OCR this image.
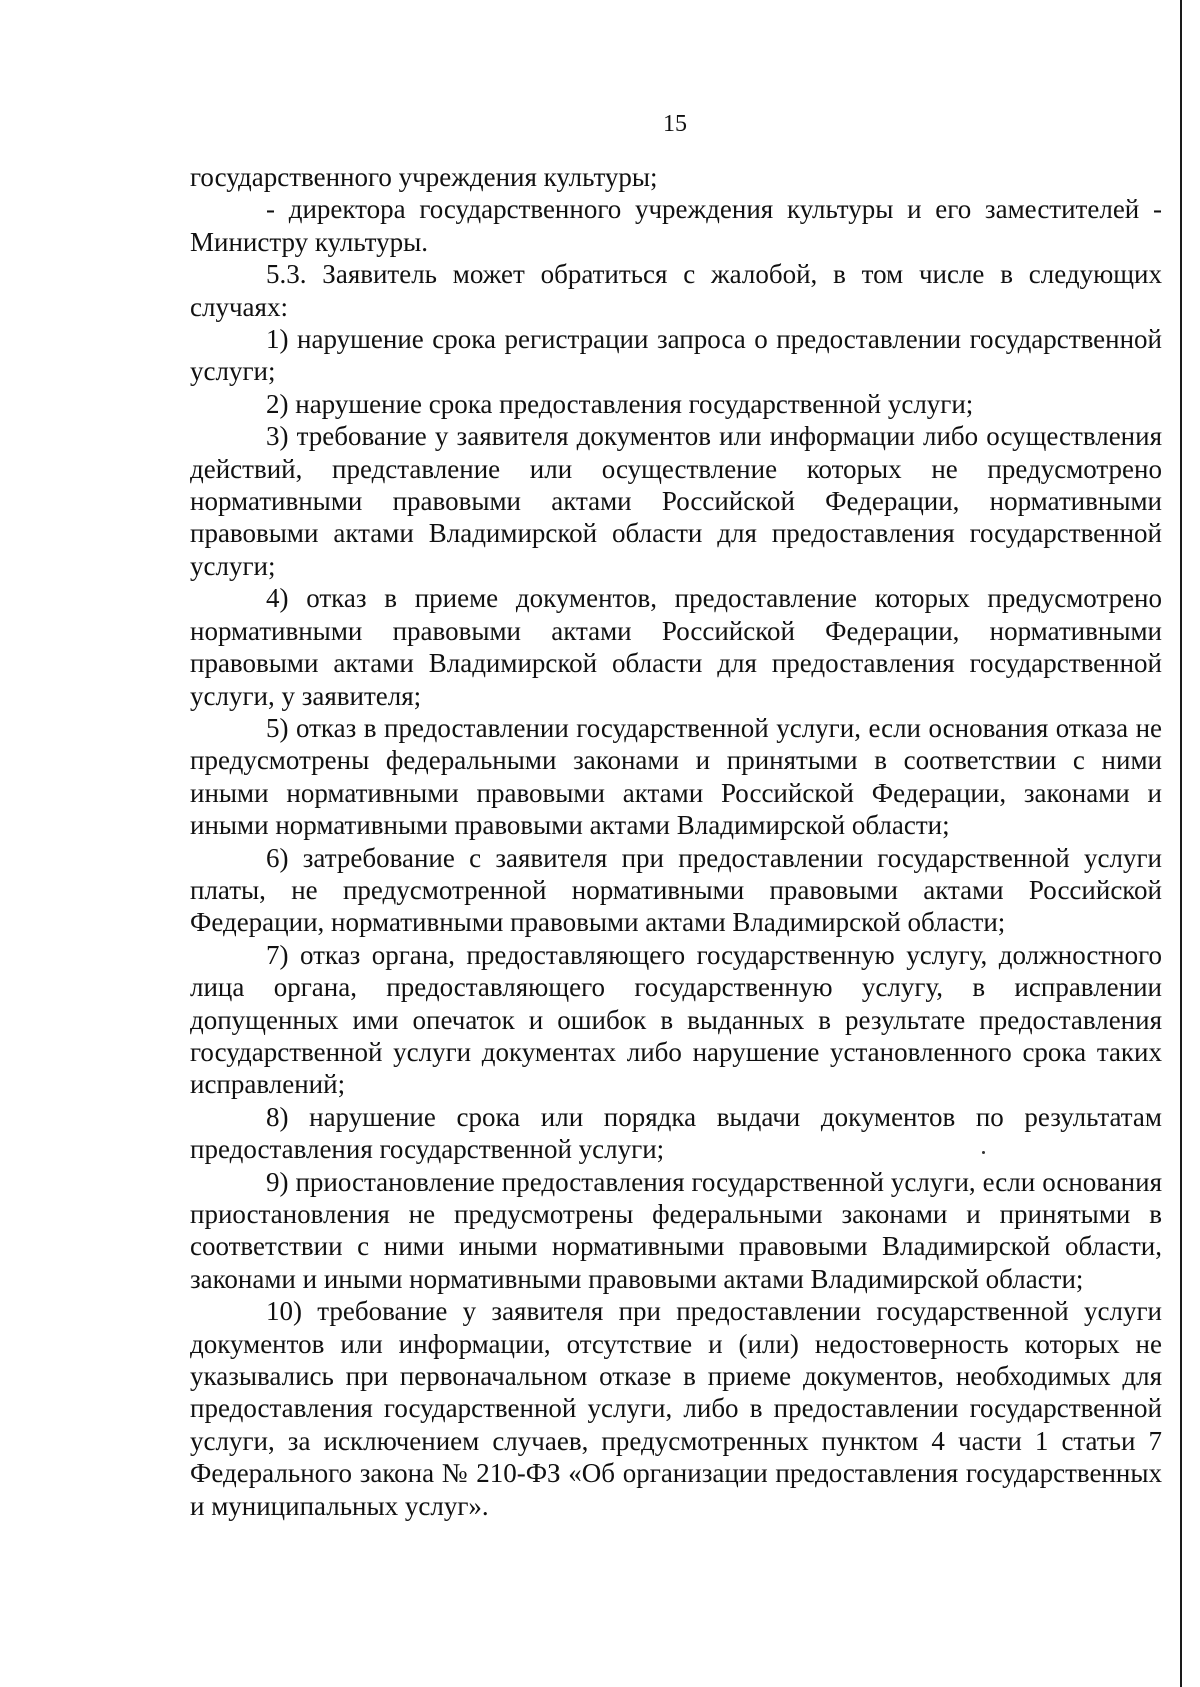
15

государственного учреждения культуры;

- директора государственного учреждения культуры и его заместителей - Министру культуры.

5.3. Заявитель может обратиться с жалобой, в том числе в следующих случаях:

1) нарушение срока регистрации запроса о предоставлении государственной услуги;

2) нарушение срока предоставления государственной услуги;

3) требование у заявителя документов или информации либо осуществления действий, представление или осуществление которых не предусмотрено нормативными правовыми актами Российской Федерации, нормативными правовыми актами Владимирской области для предоставления государственной услуги;

4) отказ в приеме документов, предоставление которых предусмотрено нормативными правовыми актами Российской Федерации, нормативными правовыми актами Владимирской области для предоставления государственной услуги, у заявителя;

5) отказ в предоставлении государственной услуги, если основания отказа не предусмотрены федеральными законами и принятыми в соответствии с ними иными нормативными правовыми актами Российской Федерации, законами и иными нормативными правовыми актами Владимирской области;

6) затребование с заявителя при предоставлении государственной услуги платы, не предусмотренной нормативными правовыми актами Российской Федерации, нормативными правовыми актами Владимирской области;

7) отказ органа, предоставляющего государственную услугу, должностного лица органа, предоставляющего государственную услугу, в исправлении допущенных ими опечаток и ошибок в выданных в результате предоставления государственной услуги документах либо нарушение установленного срока таких исправлений;

8) нарушение срока или порядка выдачи документов по результатам предоставления государственной услуги;

9) приостановление предоставления государственной услуги, если основания приостановления не предусмотрены федеральными законами и принятыми в соответствии с ними иными нормативными правовыми Владимирской области, законами и иными нормативными правовыми актами Владимирской области;

10) требование у заявителя при предоставлении государственной услуги документов или информации, отсутствие и (или) недостоверность которых не указывались при первоначальном отказе в приеме документов, необходимых для предоставления государственной услуги, либо в предоставлении государственной услуги, за исключением случаев, предусмотренных пунктом 4 части 1 статьи 7 Федерального закона № 210-ФЗ «Об организации предоставления государственных и муниципальных услуг».
